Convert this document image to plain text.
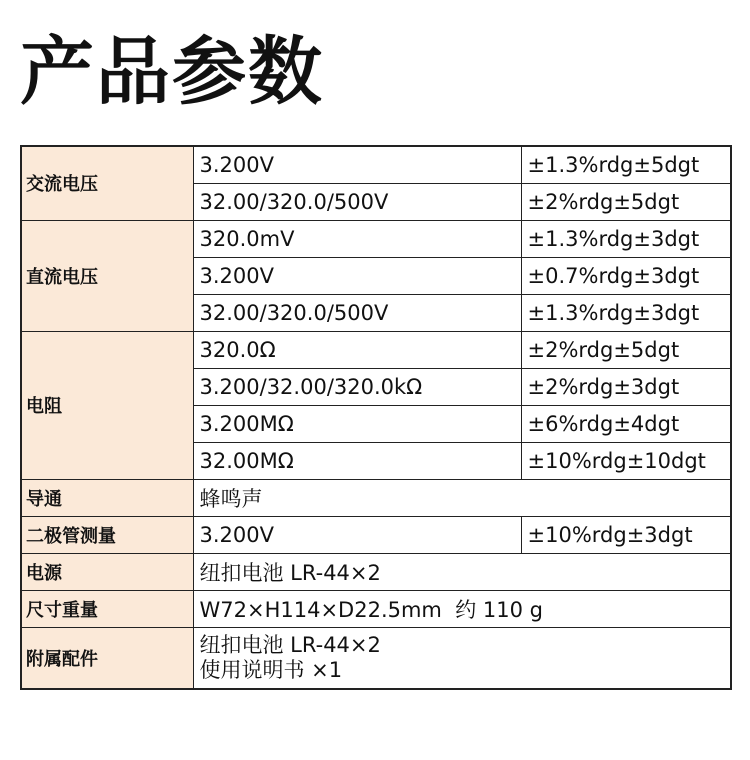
产品参数
交流电压	3.200V	±1.3%rdg±5dgt
	32.00/320.0/500V	±2%rdg±5dgt
直流电压	320.0mV	±1.3%rdg±3dgt
	3.200V	±0.7%rdg±3dgt
	32.00/320.0/500V	±1.3%rdg±3dgt
电阻	320.0Ω	±2%rdg±5dgt
	3.200/32.00/320.0kΩ	±2%rdg±3dgt
	3.200MΩ	±6%rdg±4dgt
	32.00MΩ	±10%rdg±10dgt
导通	蜂鸣声	
二极管测量	3.200V	±10%rdg±3dgt
电源	纽扣电池 LR-44×2	
尺寸重量	W72×H114×D22.5mm  约 110 g	
附属配件	纽扣电池 LR-44×2
使用说明书 ×1	
